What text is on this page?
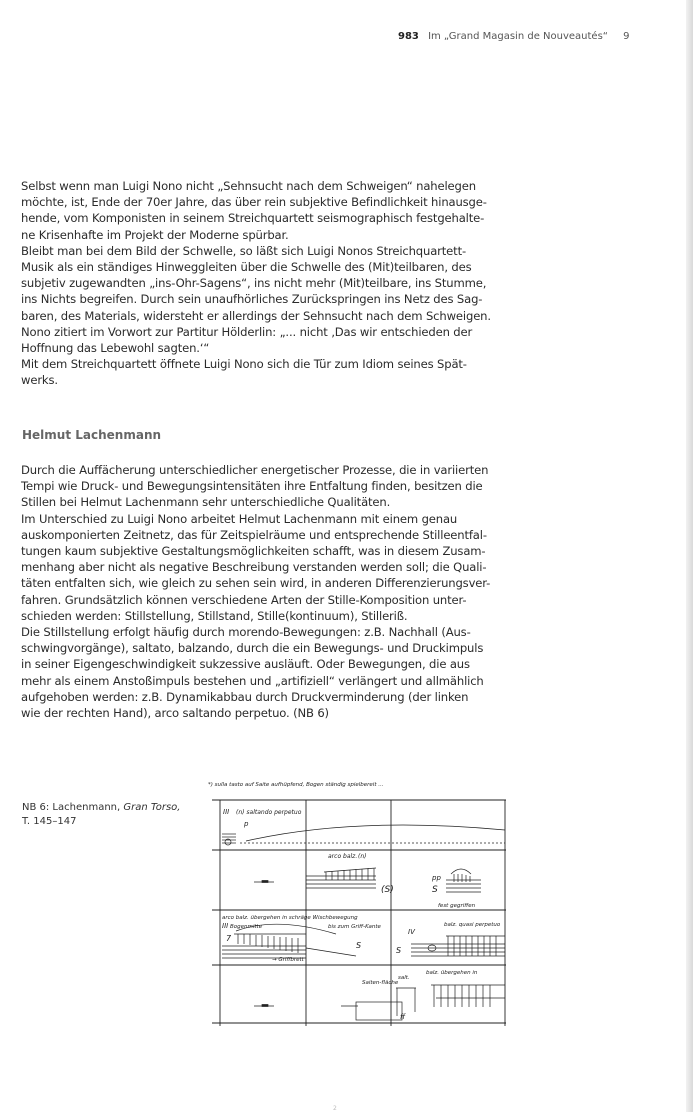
983 Im „Grand Magasin de Nouveautés“ 9
Selbst wenn man Luigi Nono nicht „Sehnsucht nach dem Schweigen“ nahelegen
möchte, ist, Ende der 70er Jahre, das über rein subjektive Befindlichkeit hinausge-
hende, vom Komponisten in seinem Streichquartett seismographisch festgehalte-
ne Krisenhafte im Projekt der Moderne spürbar.
Bleibt man bei dem Bild der Schwelle, so läßt sich Luigi Nonos Streichquartett-
Musik als ein ständiges Hinweggleiten über die Schwelle des (Mit)teilbaren, des
subjetiv zugewandten „ins-Ohr-Sagens“, ins nicht mehr (Mit)teilbare, ins Stumme,
ins Nichts begreifen. Durch sein unaufhörliches Zurückspringen ins Netz des Sag-
baren, des Materials, widersteht er allerdings der Sehnsucht nach dem Schweigen.
Nono zitiert im Vorwort zur Partitur Hölderlin: „... nicht ‚Das wir entschieden der
Hoffnung das Lebewohl sagten.‘“
Mit dem Streichquartett öffnete Luigi Nono sich die Tür zum Idiom seines Spät-
werks.
Helmut Lachenmann
Durch die Auffächerung unterschiedlicher energetischer Prozesse, die in variierten
Tempi wie Druck- und Bewegungsintensitäten ihre Entfaltung finden, besitzen die
Stillen bei Helmut Lachenmann sehr unterschiedliche Qualitäten.
Im Unterschied zu Luigi Nono arbeitet Helmut Lachenmann mit einem genau
auskomponierten Zeitnetz, das für Zeitspielräume und entsprechende Stilleentfal-
tungen kaum subjektive Gestaltungsmöglichkeiten schafft, was in diesem Zusam-
menhang aber nicht als negative Beschreibung verstanden werden soll; die Quali-
täten entfalten sich, wie gleich zu sehen sein wird, in anderen Differenzierungsver-
fahren. Grundsätzlich können verschiedene Arten der Stille-Komposition unter-
schieden werden: Stillstellung, Stillstand, Stille(kontinuum), Stilleriß.
Die Stillstellung erfolgt häufig durch morendo-Bewegungen: z.B. Nachhall (Aus-
schwingvorgänge), saltato, balzando, durch die ein Bewegungs- und Druckimpuls
in seiner Eigengeschwindigkeit sukzessive ausläuft. Oder Bewegungen, die aus
mehr als einem Anstoßimpuls bestehen und „artifiziell“ verlängert und allmählich
aufgehoben werden: z.B. Dynamikabbau durch Druckverminderung (der linken
wie der rechten Hand), arco saltando perpetuo. (NB 6)
NB 6: Lachenmann, Gran Torso,
T. 145–147
*) sulla tasto auf Saite aufhüpfend, Bogen ständig spielbereit …
III (n) saltando perpetuo
p
arco balz. (n)
(S)
pp
S
fest gegriffen
arco balz. übergehen in schräge Wischbewegung
Bogenmitte	bis zum Griff-Kante
→ Griffbrett
III
7
S
IV
balz. quasi perpetuo
S
balz. übergehen in
salt.
Saiten-fläche
ff
2
